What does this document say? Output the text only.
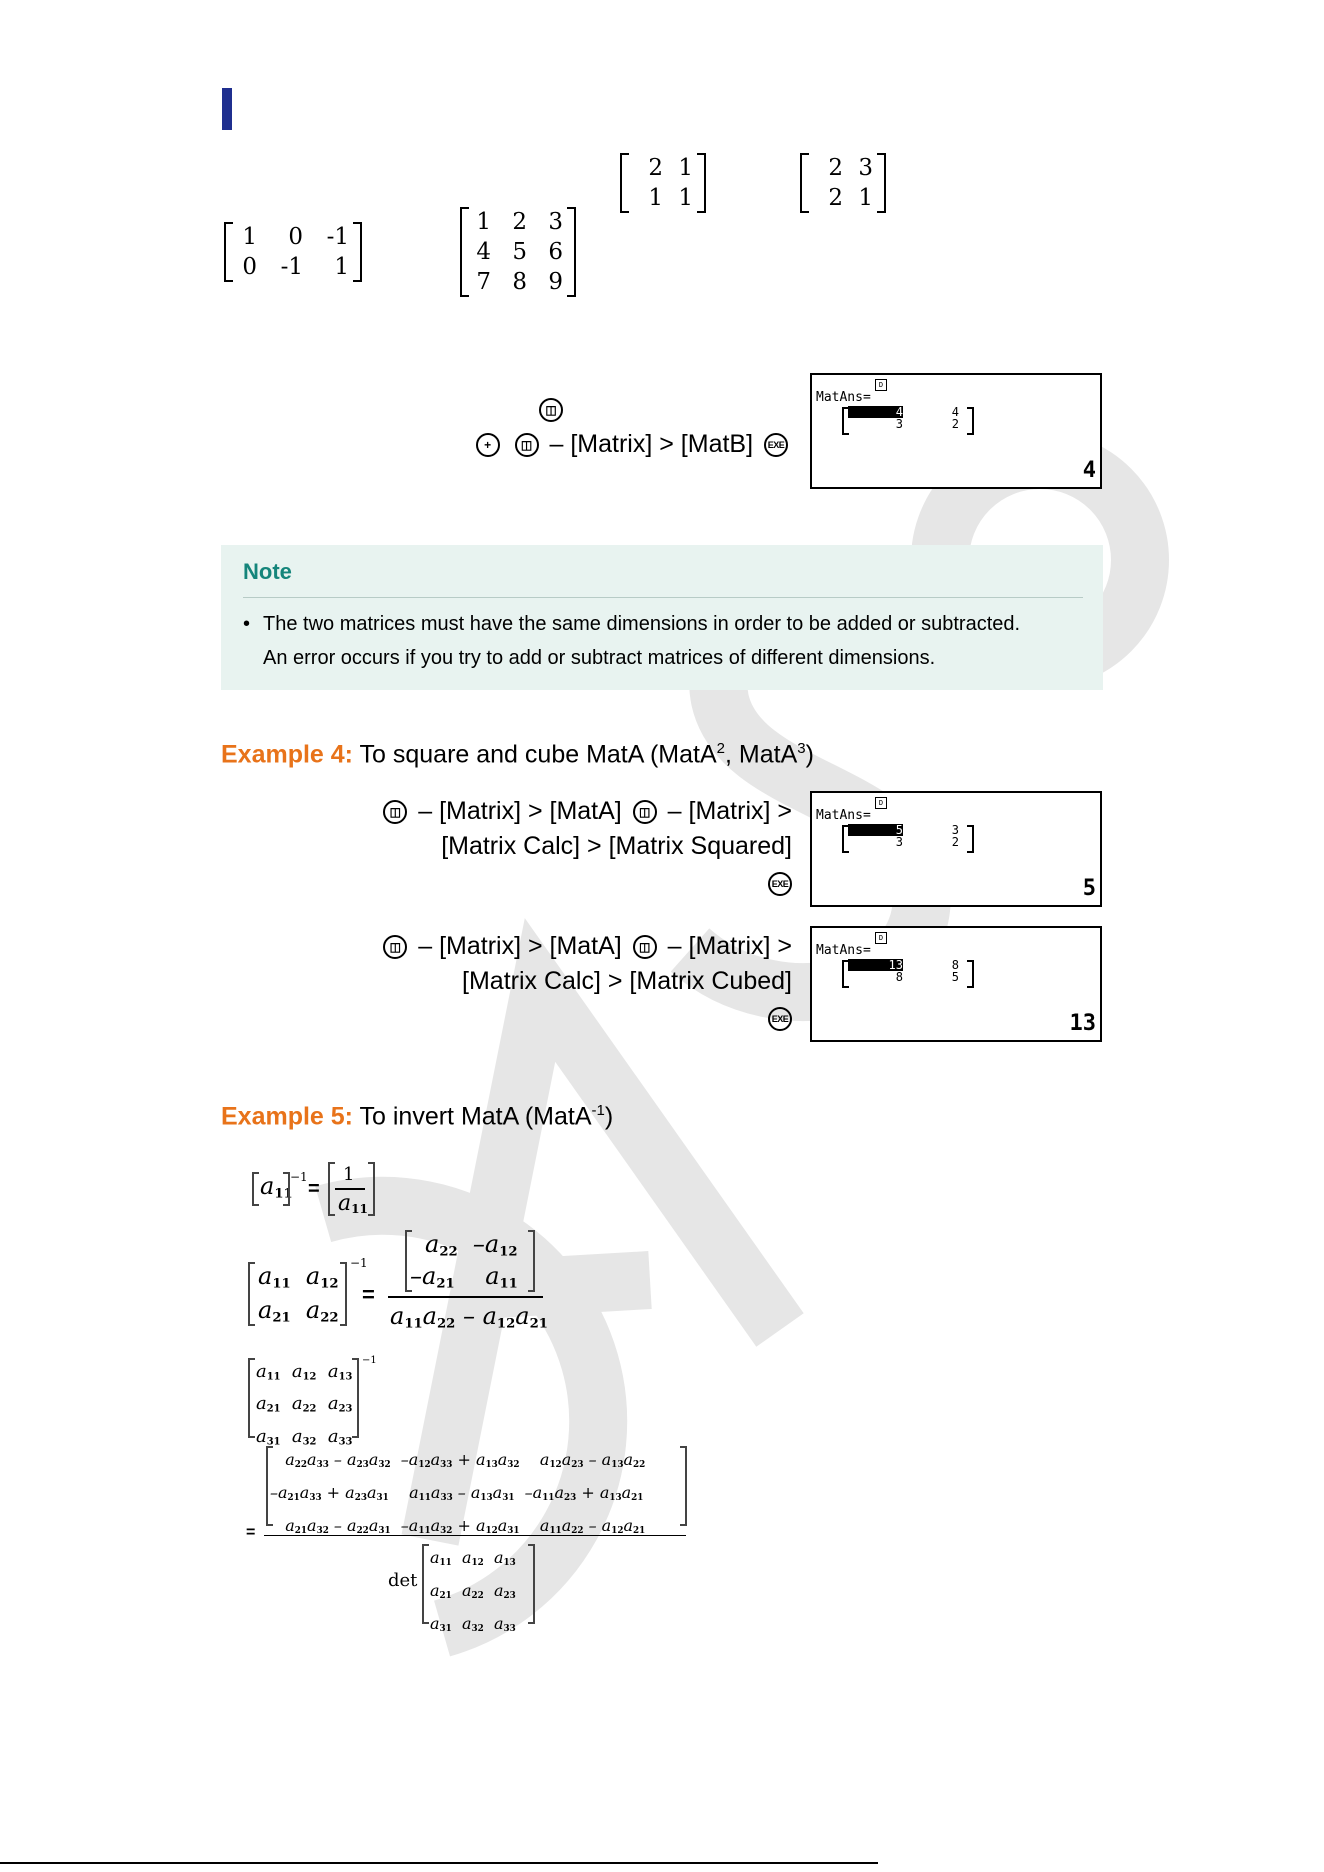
2 1
1 1
2 3
2 1
1	0	-1
0	-1	1
1 2 3
4 5 6
7 8 9
◫
+ ◫ – [Matrix] > [MatB] EXE
D
MatAns=
4	4
3	2
4
Note
• The two matrices must have the same dimensions in order to be added or subtracted.
An error occurs if you try to add or subtract matrices of different dimensions.
Example 4: To square and cube MatA (MatA$^2$, MatA$^3$)
◫ – [Matrix] > [MatA] ◫ – [Matrix] >
[Matrix Calc] > [Matrix Squared]
EXE
D
MatAns=
5	3
3	2
5
◫ – [Matrix] > [MatA] ◫ – [Matrix] >
[Matrix Calc] > [Matrix Cubed]
EXE
D
MatAns=
13	8
8	5
13
Example 5: To invert MatA (MatA$^{-1}$)
$a_{11}$
−1
=
1
$a_{11}$
$a_{11}$  $a_{12}$
$a_{21}$  $a_{22}$
−1
=
$a_{22}$  $-a_{12}$
$-a_{21}$    $a_{11}$
$a_{11}a_{22} - a_{12}a_{21}$
$a_{11}$  $a_{12}$  $a_{13}$
$a_{21}$  $a_{22}$  $a_{23}$
$a_{31}$  $a_{32}$  $a_{33}$
−1
=
$a_{22}a_{33} - a_{23}a_{32}$  $-a_{12}a_{33} + a_{13}a_{32}$    $a_{12}a_{23} - a_{13}a_{22}$
$-a_{21}a_{33} + a_{23}a_{31}$    $a_{11}a_{33} - a_{13}a_{31}$  $-a_{11}a_{23} + a_{13}a_{21}$
$a_{21}a_{32} - a_{22}a_{31}$  $-a_{11}a_{32} + a_{12}a_{31}$    $a_{11}a_{22} - a_{12}a_{21}$
det
$a_{11}$  $a_{12}$  $a_{13}$
$a_{21}$  $a_{22}$  $a_{23}$
$a_{31}$  $a_{32}$  $a_{33}$
